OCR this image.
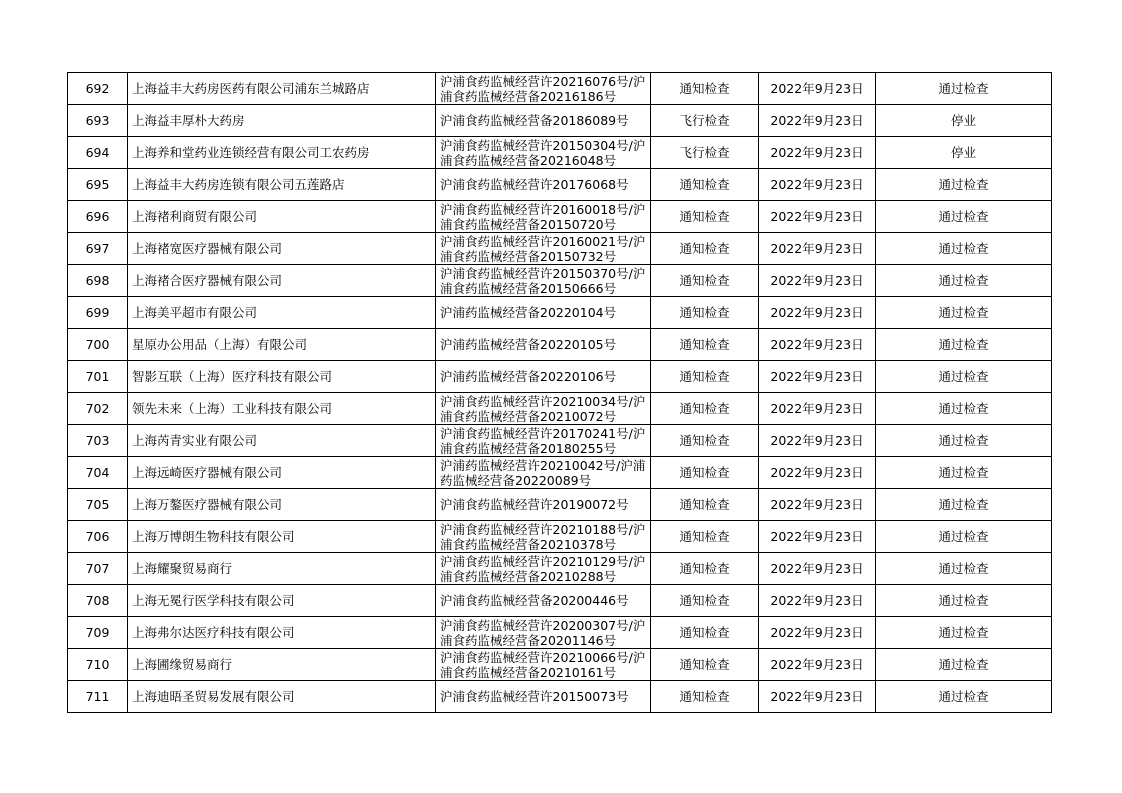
692	上海益丰大药房医药有限公司浦东兰城路店	沪浦食药监械经营许20216076号/沪浦食药监械经营备20216186号	通知检查	2022年9月23日	通过检查
693	上海益丰厚朴大药房	沪浦食药监械经营备20186089号	飞行检查	2022年9月23日	停业
694	上海养和堂药业连锁经营有限公司工农药房	沪浦食药监械经营许20150304号/沪浦食药监械经营备20216048号	飞行检查	2022年9月23日	停业
695	上海益丰大药房连锁有限公司五莲路店	沪浦食药监械经营许20176068号	通知检查	2022年9月23日	通过检查
696	上海褚利商贸有限公司	沪浦食药监械经营许20160018号/沪浦食药监械经营备20150720号	通知检查	2022年9月23日	通过检查
697	上海褚宽医疗器械有限公司	沪浦食药监械经营许20160021号/沪浦食药监械经营备20150732号	通知检查	2022年9月23日	通过检查
698	上海褚合医疗器械有限公司	沪浦食药监械经营许20150370号/沪浦食药监械经营备20150666号	通知检查	2022年9月23日	通过检查
699	上海美平超市有限公司	沪浦药监械经营备20220104号	通知检查	2022年9月23日	通过检查
700	星原办公用品（上海）有限公司	沪浦药监械经营备20220105号	通知检查	2022年9月23日	通过检查
701	智影互联（上海）医疗科技有限公司	沪浦药监械经营备20220106号	通知检查	2022年9月23日	通过检查
702	领先未来（上海）工业科技有限公司	沪浦食药监械经营许20210034号/沪浦食药监械经营备20210072号	通知检查	2022年9月23日	通过检查
703	上海芮青实业有限公司	沪浦食药监械经营许20170241号/沪浦食药监械经营备20180255号	通知检查	2022年9月23日	通过检查
704	上海远崎医疗器械有限公司	沪浦药监械经营许20210042号/沪浦药监械经营备20220089号	通知检查	2022年9月23日	通过检查
705	上海万鏊医疗器械有限公司	沪浦食药监械经营许20190072号	通知检查	2022年9月23日	通过检查
706	上海万博朗生物科技有限公司	沪浦食药监械经营许20210188号/沪浦食药监械经营备20210378号	通知检查	2022年9月23日	通过检查
707	上海耀聚贸易商行	沪浦食药监械经营许20210129号/沪浦食药监械经营备20210288号	通知检查	2022年9月23日	通过检查
708	上海无冕行医学科技有限公司	沪浦食药监械经营备20200446号	通知检查	2022年9月23日	通过检查
709	上海弗尔达医疗科技有限公司	沪浦食药监械经营许20200307号/沪浦食药监械经营备20201146号	通知检查	2022年9月23日	通过检查
710	上海圃缘贸易商行	沪浦食药监械经营许20210066号/沪浦食药监械经营备20210161号	通知检查	2022年9月23日	通过检查
711	上海迪晤圣贸易发展有限公司	沪浦食药监械经营许20150073号	通知检查	2022年9月23日	通过检查
